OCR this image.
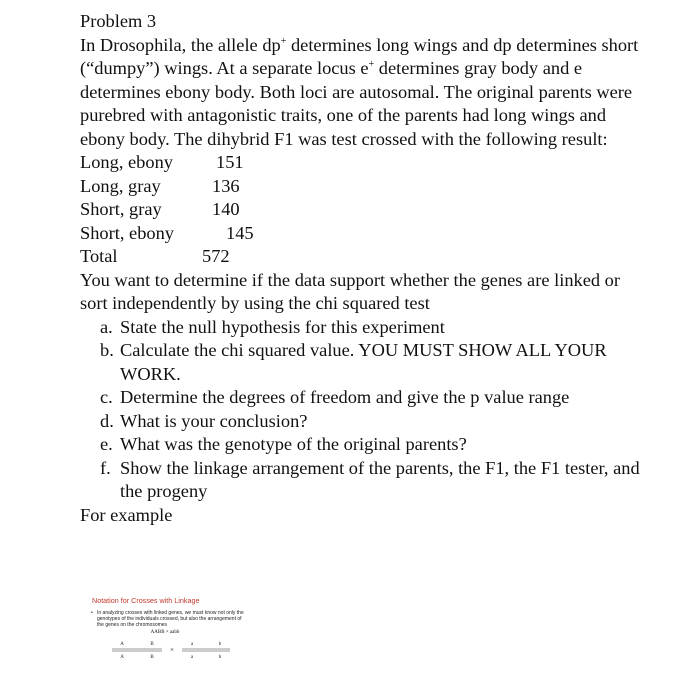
Problem 3

In Drosophila, the allele dp+ determines long wings and dp determines short (“dumpy”) wings. At a separate locus e+ determines gray body and e determines ebony body. Both loci are autosomal. The original parents were purebred with antagonistic traits, one of the parents had long wings and ebony body. The dihybrid F1 was test crossed with the following result:

Long, ebony	151
Long, gray	136
Short, gray	140
Short, ebony	145
Total	572

You want to determine if the data support whether the genes are linked or sort independently by using the chi squared test

a. State the null hypothesis for this experiment
b. Calculate the chi squared value. YOU MUST SHOW ALL YOUR WORK.
c. Determine the degrees of freedom and give the p value range
d. What is your conclusion?
e. What was the genotype of the original parents?
f. Show the linkage arrangement of the parents, the F1, the F1 tester, and the progeny

For example

Notation for Crosses with Linkage
• In analyzing crosses with linked genes, we must know not only the genotypes of the individuals crossed, but also the arrangement of the genes on the chromosomes
AABB × aabb
A	B
A	B
×
a	b
a	b
